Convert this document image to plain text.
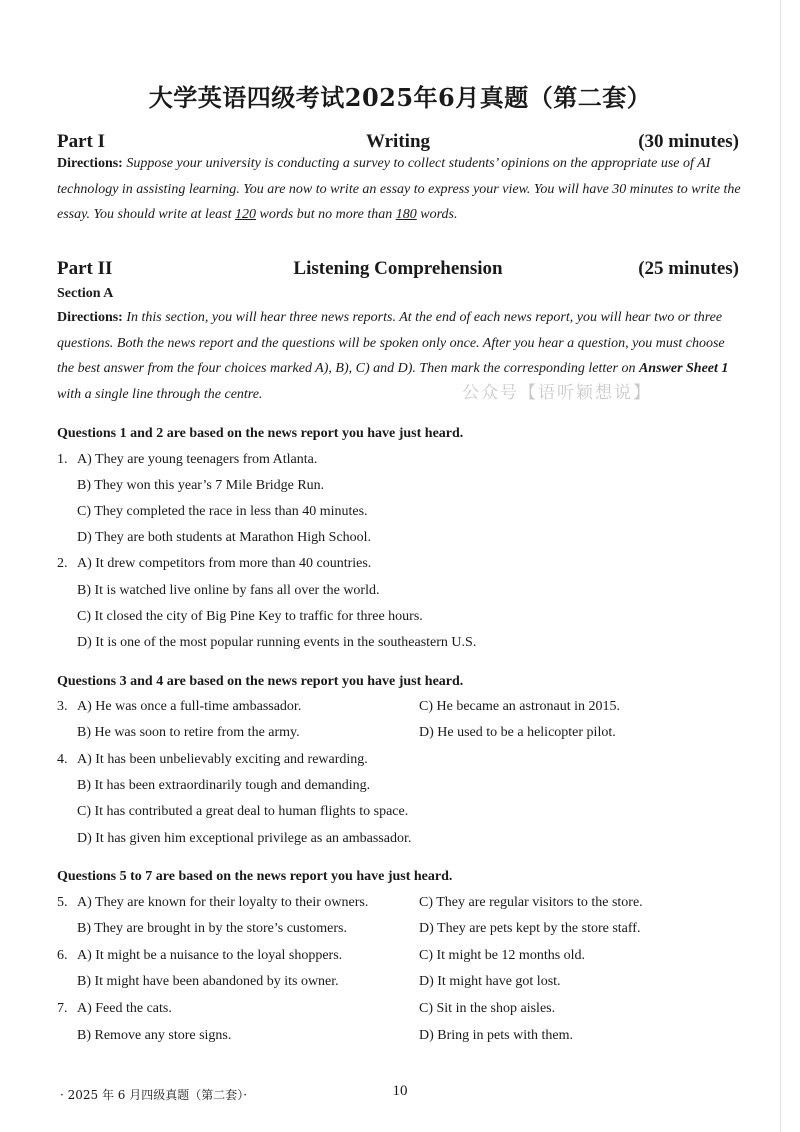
大学英语四级考试2025年6月真题（第二套）
Writing
Part I	(30 minutes)
Directions: Suppose your university is conducting a survey to collect students’ opinions on the appropriate use of AI technology in assisting learning. You are now to write an essay to express your view. You will have 30 minutes to write the essay. You should write at least 120 words but no more than 180 words.
Listening Comprehension
Part II	(25 minutes)
Section A
Directions: In this section, you will hear three news reports. At the end of each news report, you will hear two or three questions. Both the news report and the questions will be spoken only once. After you hear a question, you must choose the best answer from the four choices marked A), B), C) and D). Then mark the corresponding letter on Answer Sheet 1 with a single line through the centre.	公众号【语听颖想说】
Questions 1 and 2 are based on the news report you have just heard.
1. A) They are young teenagers from Atlanta.
B) They won this year’s 7 Mile Bridge Run.
C) They completed the race in less than 40 minutes.
D) They are both students at Marathon High School.
2. A) It drew competitors from more than 40 countries.
B) It is watched live online by fans all over the world.
C) It closed the city of Big Pine Key to traffic for three hours.
D) It is one of the most popular running events in the southeastern U.S.
Questions 3 and 4 are based on the news report you have just heard.
3. A) He was once a full-time ambassador.	C) He became an astronaut in 2015.
B) He was soon to retire from the army.	D) He used to be a helicopter pilot.
4. A) It has been unbelievably exciting and rewarding.
B) It has been extraordinarily tough and demanding.
C) It has contributed a great deal to human flights to space.
D) It has given him exceptional privilege as an ambassador.
Questions 5 to 7 are based on the news report you have just heard.
5. A) They are known for their loyalty to their owners.	C) They are regular visitors to the store.
B) They are brought in by the store’s customers.	D) They are pets kept by the store staff.
6. A) It might be a nuisance to the loyal shoppers.	C) It might be 12 months old.
B) It might have been abandoned by its owner.	D) It might have got lost.
7. A) Feed the cats.	C) Sit in the shop aisles.
B) Remove any store signs.	D) Bring in pets with them.
· 2025 年 6 月四级真题（第二套）·	10
